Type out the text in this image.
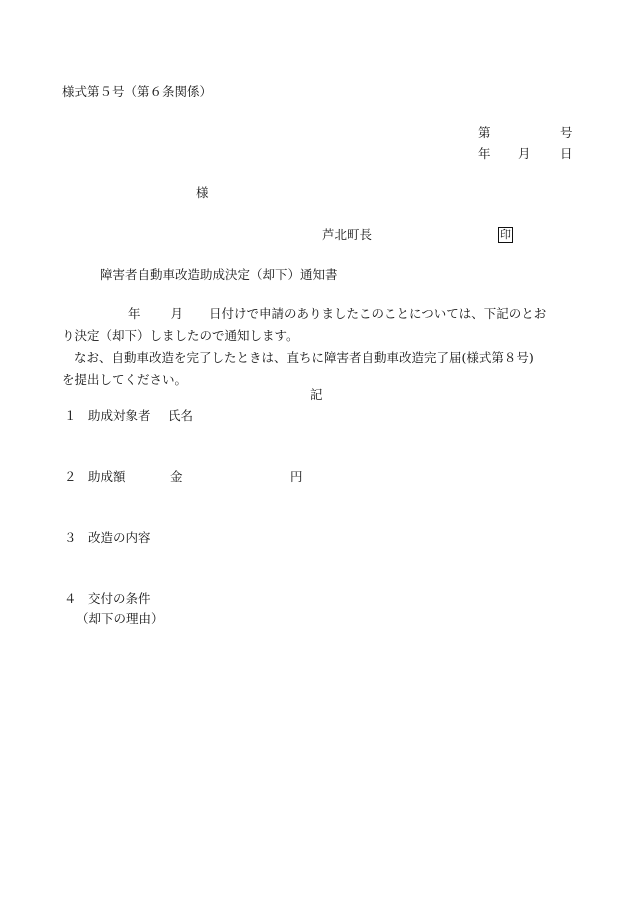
様式第５号（第６条関係）
第	号
年 月 日
様
芦北町長	印
障害者自動車改造助成決定（却下）通知書

年 月 日付けで申請のありましたこのことについては、下記のとお
り決定（却下）しましたので通知します。

なお、自動車改造を完了したときは、直ちに障害者自動車改造完了届(様式第８号)
を提出してください。

記
１ 助成対象者 氏名
２ 助成額	金	円
３ 改造の内容
４ 交付の条件
（却下の理由）
